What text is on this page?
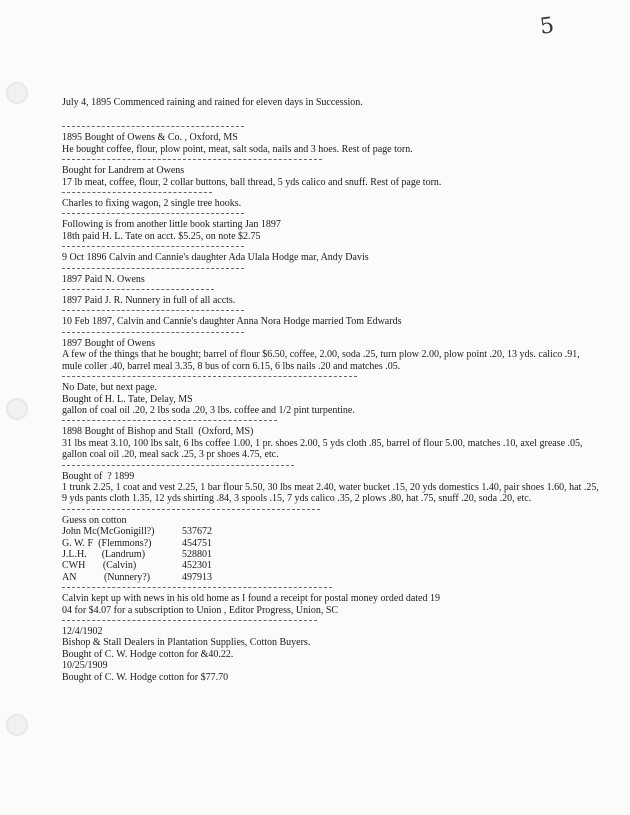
5
July 4, 1895 Commenced raining and rained for eleven days in Succession.
1895 Bought of Owens & Co. , Oxford, MS
He bought coffee, flour, plow point, meat, salt soda, nails and 3 hoes. Rest of page torn.
Bought for Landrem at Owens
17 lb meat, coffee, flour, 2 collar buttons, ball thread, 5 yds calico and snuff. Rest of page torn.
Charles to fixing wagon, 2 single tree hooks.
Following is from another little book starting Jan 1897
18th paid H. L. Tate on acct. $5.25, on note $2.75
9 Oct 1896 Calvin and Cannie's daughter Ada Ulala Hodge mar, Andy Davis
1897 Paid N. Owens
1897 Paid J. R. Nunnery in full of all accts.
10 Feb 1897, Calvin and Cannie's daughter Anna Nora Hodge married Tom Edwards
1897 Bought of Owens
A few of the things that he bought; barrel of flour $6.50, coffee, 2.00, soda .25, turn plow 2.00, plow point .20, 13 yds. calico .91, mule coller .40, barrel meal 3.35, 8 bus of corn 6.15, 6 lbs nails .20 and matches .05.
No Date, but next page.
Bought of H. L. Tate, Delay, MS
gallon of coal oil .20, 2 lbs soda .20, 3 lbs. coffee and 1/2 pint turpentine.
1898 Bought of Bishop and Stall  (Oxford, MS)
31 lbs meat 3.10, 100 lbs salt, 6 lbs coffee 1.00, 1 pr. shoes 2.00, 5 yds cloth .85, barrel of flour 5.00, matches .10, axel grease .05, gallon coal oil .20, meal sack .25, 3 pr shoes 4.75, etc.
Bought of  ? 1899
1 trunk 2.25, 1 coat and vest 2.25, 1 bar flour 5.50, 30 lbs meat 2.40, water bucket .15, 20 yds domestics 1.40, pair shoes 1.60, hat .25, 9 yds pants cloth 1.35, 12 yds shirting .84, 3 spools .15, 7 yds calico .35, 2 plows .80, hat .75, snuff .20, soda .20, etc.
Guess on cotton
John Mc(McGonigill?)	537672
G. W. F  (Flemmons?)	454751
J.L.H.      (Landrum)	528801
CWH       (Calvin)	452301
AN           (Nunnery?)	497913
Calvin kept up with news in his old home as I found a receipt for postal money orded dated 19
04 for $4.07 for a subscription to Union , Editor Progress, Union, SC
12/4/1902
Bishop & Stall Dealers in Plantation Supplies, Cotton Buyers.
Bought of C. W. Hodge cotton for &40.22.
10/25/1909
Bought of C. W. Hodge cotton for $77.70
